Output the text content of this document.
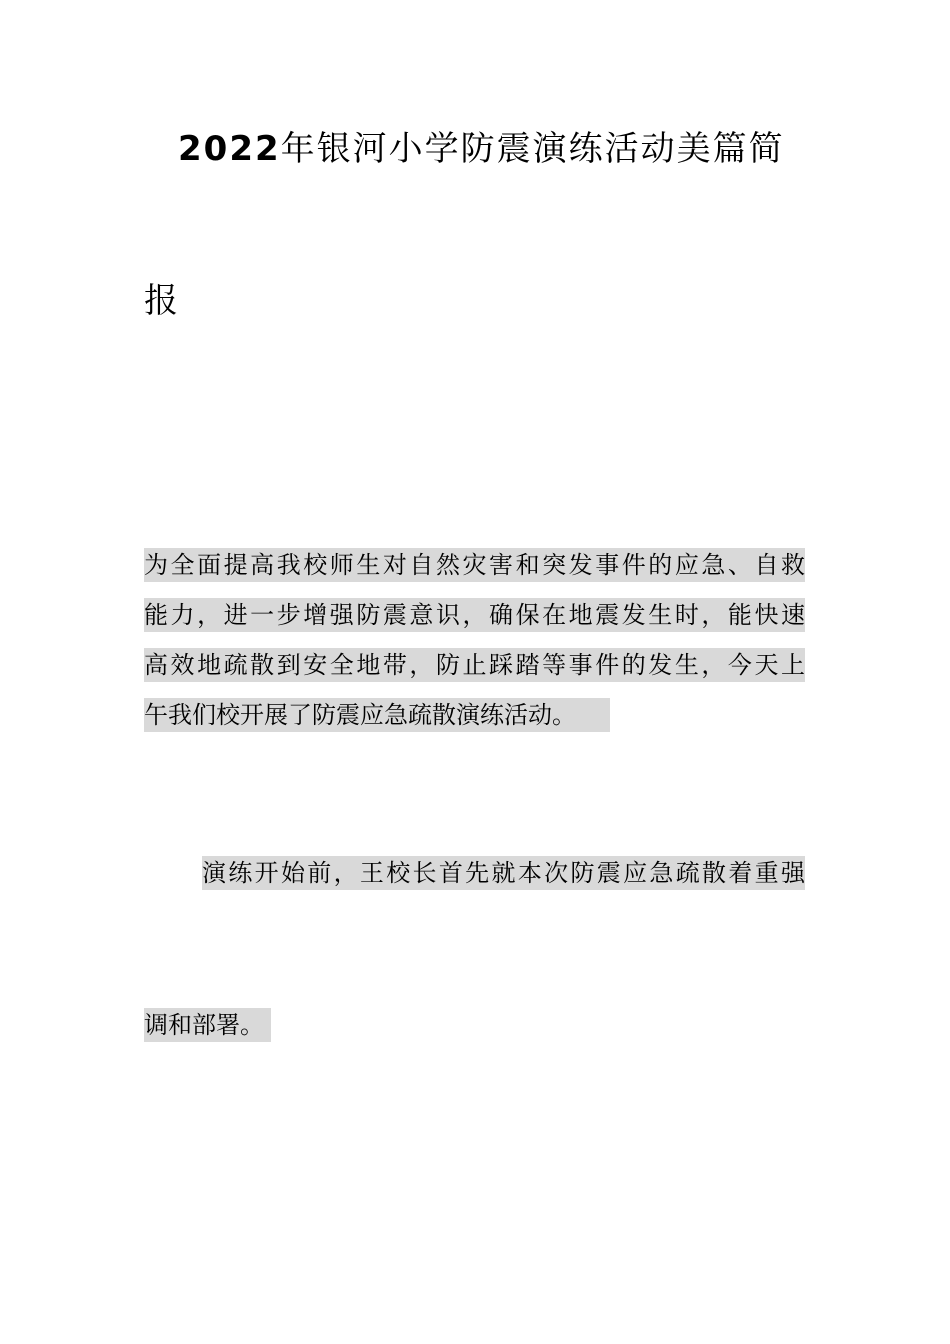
2022年银河小学防震演练活动美篇简
报
为全面提高我校师生对自然灾害和突发事件的应急、自救
能力，进一步增强防震意识，确保在地震发生时，能快速
高效地疏散到安全地带，防止踩踏等事件的发生，今天上
午我们校开展了防震应急疏散演练活动。
演练开始前，王校长首先就本次防震应急疏散着重强
调和部署。
